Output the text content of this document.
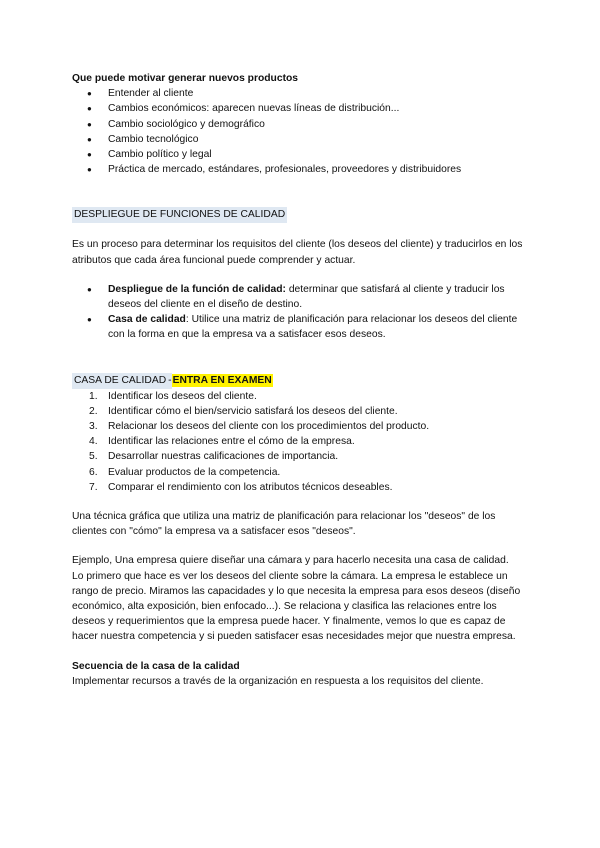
Que puede motivar generar nuevos productos
● Entender al cliente
● Cambios económicos: aparecen nuevas líneas de distribución...
● Cambio sociológico y demográfico
● Cambio tecnológico
● Cambio político y legal
● Práctica de mercado, estándares, profesionales, proveedores y distribuidores
DESPLIEGUE DE FUNCIONES DE CALIDAD
Es un proceso para determinar los requisitos del cliente (los deseos del cliente) y traducirlos en los atributos que cada área funcional puede comprender y actuar.
● Despliegue de la función de calidad: determinar que satisfará al cliente y traducir los deseos del cliente en el diseño de destino.
● Casa de calidad: Utilice una matriz de planificación para relacionar los deseos del cliente con la forma en que la empresa va a satisfacer esos deseos.
CASA DE CALIDAD-ENTRA EN EXAMEN
1. Identificar los deseos del cliente.
2. Identificar cómo el bien/servicio satisfará los deseos del cliente.
3. Relacionar los deseos del cliente con los procedimientos del producto.
4. Identificar las relaciones entre el cómo de la empresa.
5. Desarrollar nuestras calificaciones de importancia.
6. Evaluar productos de la competencia.
7. Comparar el rendimiento con los atributos técnicos deseables.
Una técnica gráfica que utiliza una matriz de planificación para relacionar los "deseos" de los clientes con "cómo" la empresa va a satisfacer esos "deseos".
Ejemplo, Una empresa quiere diseñar una cámara y para hacerlo necesita una casa de calidad.
Lo primero que hace es ver los deseos del cliente sobre la cámara. La empresa le establece un rango de precio. Miramos las capacidades y lo que necesita la empresa para esos deseos (diseño económico, alta exposición, bien enfocado...). Se relaciona y clasifica las relaciones entre los deseos y requerimientos que la empresa puede hacer. Y finalmente, vemos lo que es capaz de hacer nuestra competencia y si pueden satisfacer esas necesidades mejor que nuestra empresa.
Secuencia de la casa de la calidad
Implementar recursos a través de la organización en respuesta a los requisitos del cliente.
